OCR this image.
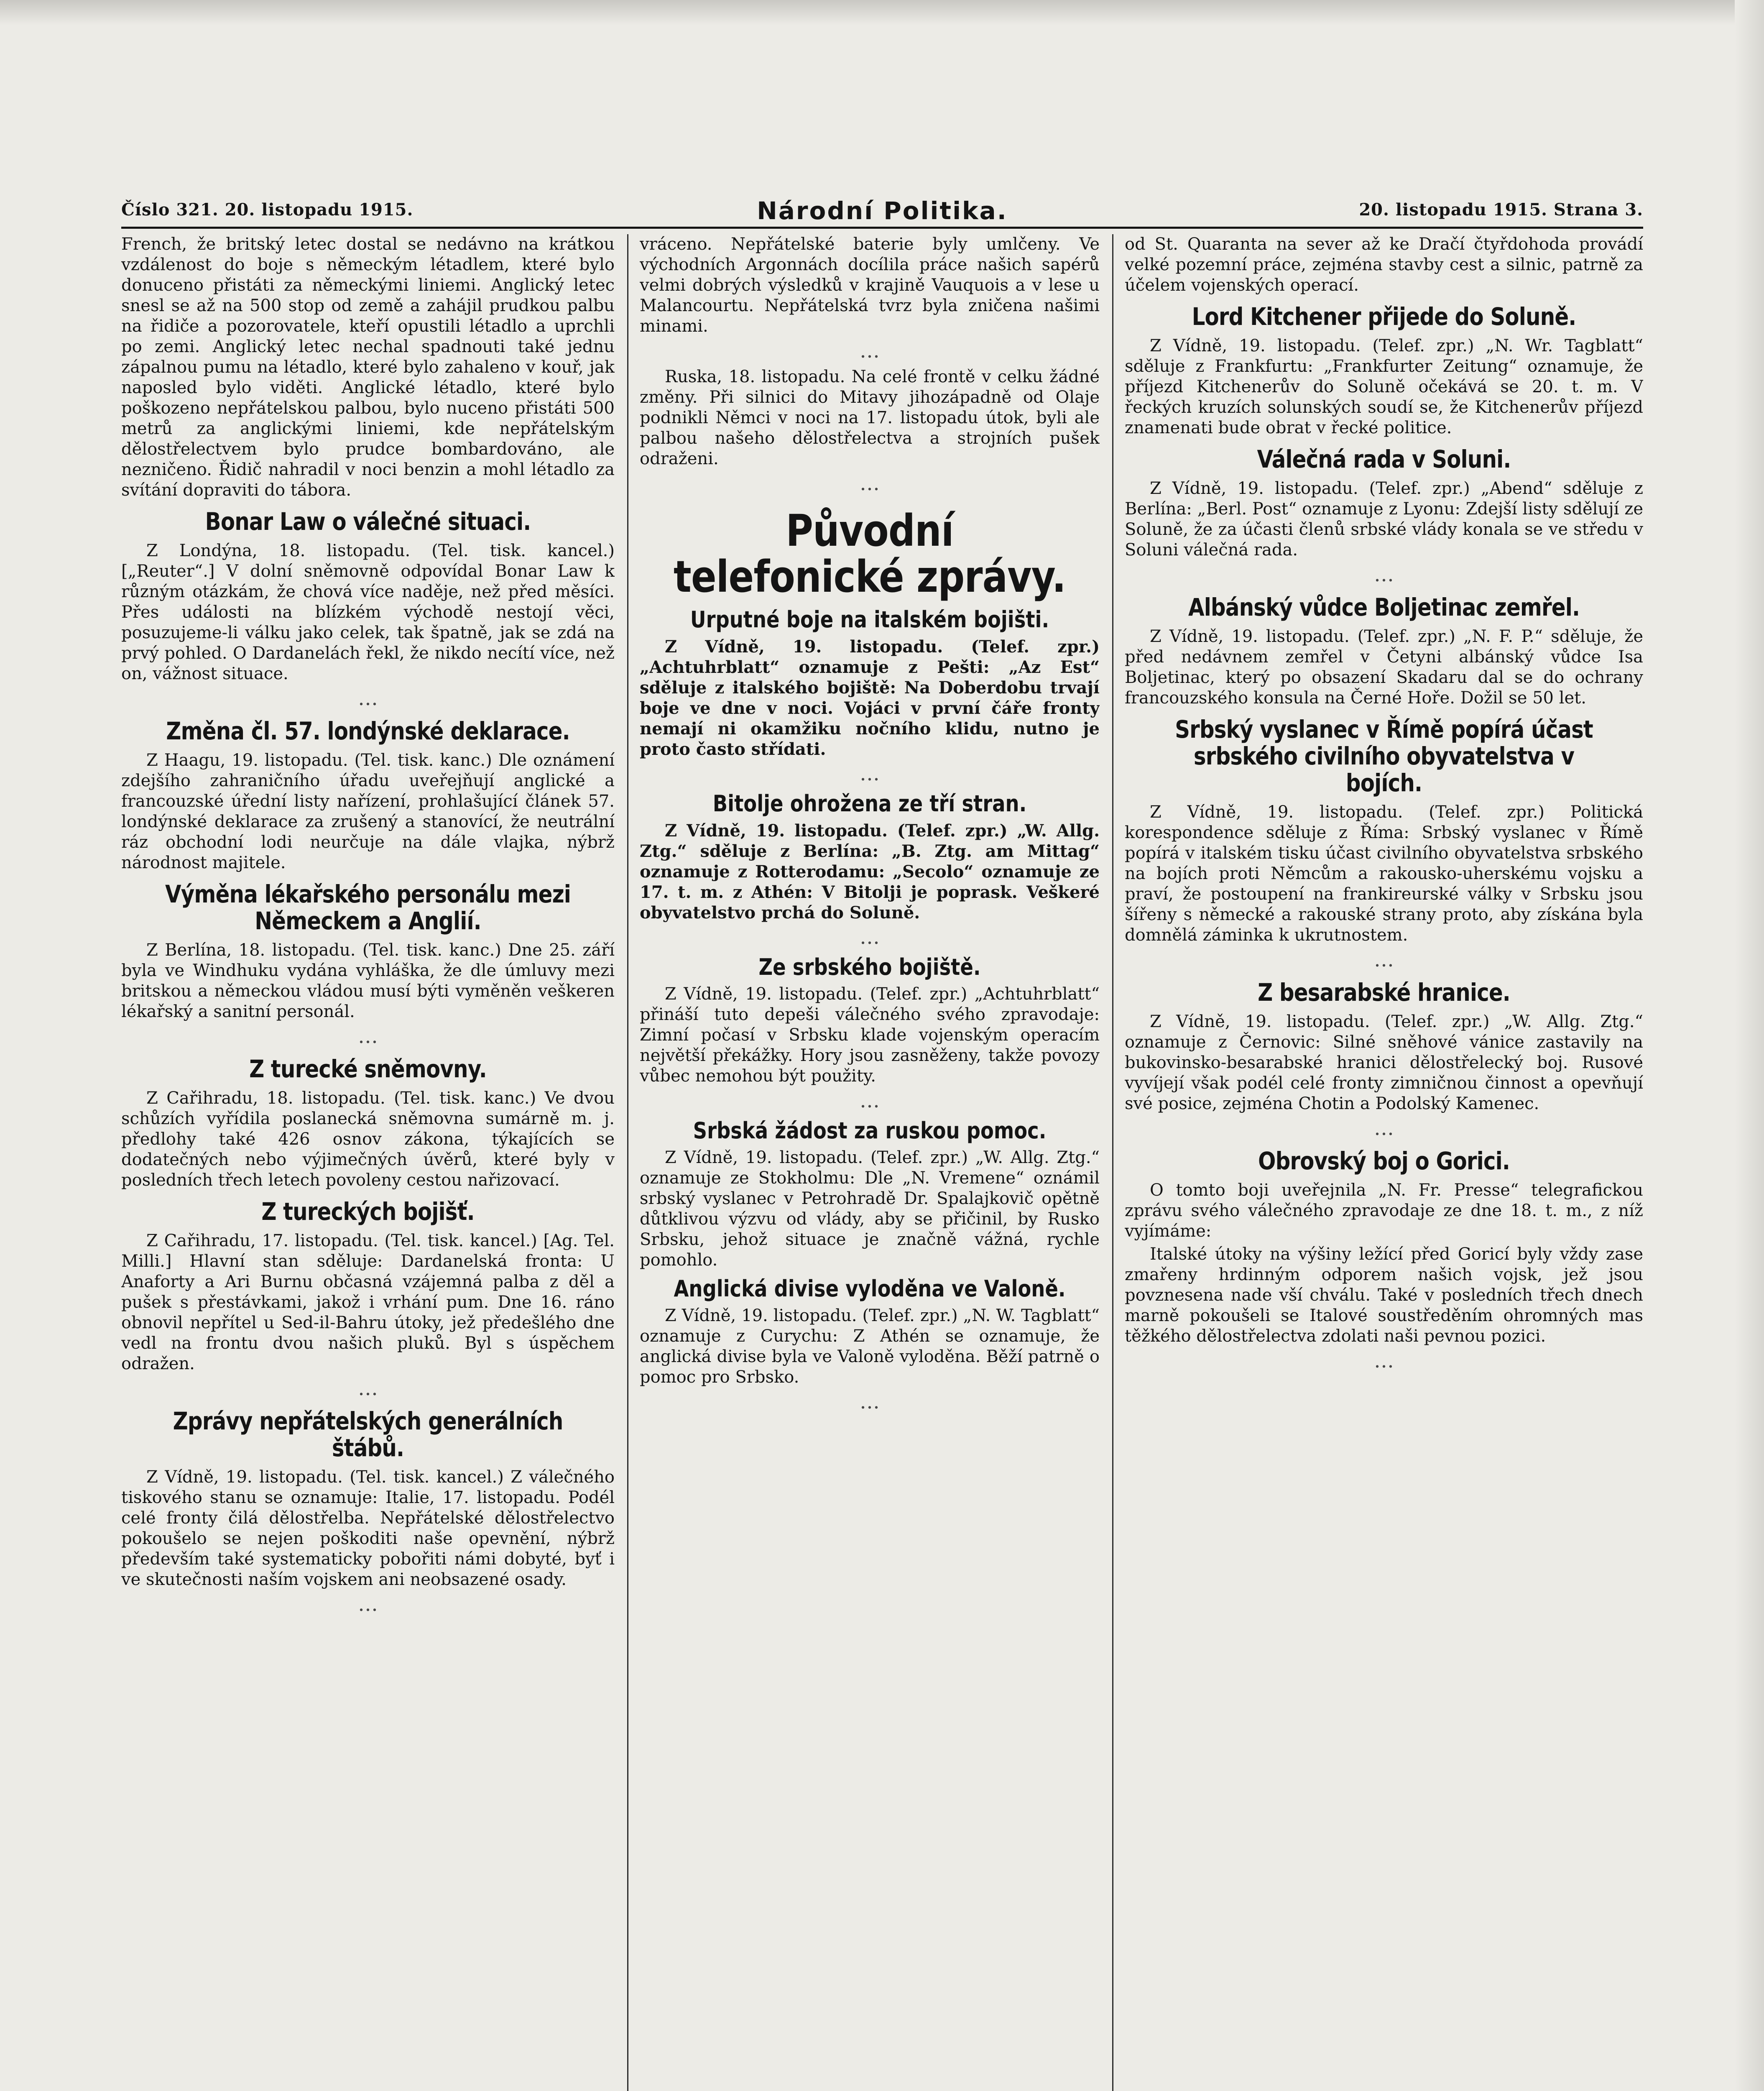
Číslo 321. 20. listopadu 1915.	Národní Politika.	20. listopadu 1915. Strana 3.

French, že britský letec dostal se nedávno na krátkou vzdálenost do boje s německým létadlem, které bylo donuceno přistáti za německými liniemi. Anglický letec snesl se až na 500 stop od země a zahájil prudkou palbu na řidiče a pozorovatele, kteří opustili létadlo a uprchli po zemi. Anglický letec nechal spadnouti také jednu zápalnou pumu na létadlo, které bylo zahaleno v kouř, jak naposled bylo viděti. Anglické létadlo, které bylo poškozeno nepřátelskou palbou, bylo nuceno přistáti 500 metrů za anglickými liniemi, kde nepřátelským dělostřelectvem bylo prudce bombardováno, ale nezničeno. Řidič nahradil v noci benzin a mohl létadlo za svítání dopraviti do tábora.

Bonar Law o válečné situaci.

Z Londýna, 18. listopadu. (Tel. tisk. kancel.) [„Reuter“.] V dolní sněmovně odpovídal Bonar Law k různým otázkám, že chová více naděje, než před měsíci. Přes události na blízkém východě nestojí věci, posuzujeme-li válku jako celek, tak špatně, jak se zdá na prvý pohled. O Dardanelách řekl, že nikdo necítí více, než on, vážnost situace.

…
Změna čl. 57. londýnské deklarace.

Z Haagu, 19. listopadu. (Tel. tisk. kanc.) Dle oznámení zdejšího zahraničního úřadu uveřejňují anglické a francouzské úřední listy nařízení, prohlašující článek 57. londýnské deklarace za zrušený a stanovící, že neutrální ráz obchodní lodi neurčuje na dále vlajka, nýbrž národnost majitele.

Výměna lékařského personálu mezi Německem a Anglií.

Z Berlína, 18. listopadu. (Tel. tisk. kanc.) Dne 25. září byla ve Windhuku vydána vyhláška, že dle úmluvy mezi britskou a německou vládou musí býti vyměněn veškeren lékařský a sanitní personál.

…
Z turecké sněmovny.

Z Cařihradu, 18. listopadu. (Tel. tisk. kanc.) Ve dvou schůzích vyřídila poslanecká sněmovna sumárně m. j. předlohy také 426 osnov zákona, týkajících se dodatečných nebo výjimečných úvěrů, které byly v posledních třech letech povoleny cestou nařizovací.

Z tureckých bojišť.

Z Cařihradu, 17. listopadu. (Tel. tisk. kancel.) [Ag. Tel. Milli.] Hlavní stan sděluje: Dardanelská fronta: U Anaforty a Ari Burnu občasná vzájemná palba z děl a pušek s přestávkami, jakož i vrhání pum. Dne 16. ráno obnovil nepřítel u Sed-il-Bahru útoky, jež předešlého dne vedl na frontu dvou našich pluků. Byl s úspěchem odražen.

…
Zprávy nepřátelských generálních štábů.

Z Vídně, 19. listopadu. (Tel. tisk. kancel.) Z válečného tiskového stanu se oznamuje: Italie, 17. listopadu. Podél celé fronty čilá dělostřelba. Nepřátelské dělostřelectvo pokoušelo se nejen poškoditi naše opevnění, nýbrž především také systematicky pobořiti námi dobyté, byť i ve skutečnosti naším vojskem ani neobsazené osady.

…

vráceno. Nepřátelské baterie byly umlčeny. Ve východních Argonnách docílila práce našich sapérů velmi dobrých výsledků v krajině Vauquois a v lese u Malancourtu. Nepřátelská tvrz byla zničena našimi minami.

…

Ruska, 18. listopadu. Na celé frontě v celku žádné změny. Při silnici do Mitavy jihozápadně od Olaje podnikli Němci v noci na 17. listopadu útok, byli ale palbou našeho dělostřelectva a strojních pušek odraženi.

…
Původní telefonické zprávy.
Urputné boje na italském bojišti.

Z Vídně, 19. listopadu. (Telef. zpr.) „Achtuhrblatt“ oznamuje z Pešti: „Az Est“ sděluje z italského bojiště: Na Doberdobu trvají boje ve dne v noci. Vojáci v první čáře fronty nemají ni okamžiku nočního klidu, nutno je proto často střídati.

…
Bitolje ohrožena ze tří stran.

Z Vídně, 19. listopadu. (Telef. zpr.) „W. Allg. Ztg.“ sděluje z Berlína: „B. Ztg. am Mittag“ oznamuje z Rotterodamu: „Secolo“ oznamuje ze 17. t. m. z Athén: V Bitolji je poprask. Veškeré obyvatelstvo prchá do Soluně.

…
Ze srbského bojiště.

Z Vídně, 19. listopadu. (Telef. zpr.) „Achtuhrblatt“ přináší tuto depeši válečného svého zpravodaje: Zimní počasí v Srbsku klade vojenským operacím největší překážky. Hory jsou zasněženy, takže povozy vůbec nemohou být použity.

…
Srbská žádost za ruskou pomoc.

Z Vídně, 19. listopadu. (Telef. zpr.) „W. Allg. Ztg.“ oznamuje ze Stokholmu: Dle „N. Vremene“ oznámil srbský vyslanec v Petrohradě Dr. Spalajkovič opětně důtklivou výzvu od vlády, aby se přičinil, by Rusko Srbsku, jehož situace je značně vážná, rychle pomohlo.

Anglická divise vyloděna ve Valoně.

Z Vídně, 19. listopadu. (Telef. zpr.) „N. W. Tagblatt“ oznamuje z Curychu: Z Athén se oznamuje, že anglická divise byla ve Valoně vyloděna. Běží patrně o pomoc pro Srbsko.

…

od St. Quaranta na sever až ke Dračí čtyřdohoda provádí velké pozemní práce, zejména stavby cest a silnic, patrně za účelem vojenských operací.

Lord Kitchener přijede do Soluně.

Z Vídně, 19. listopadu. (Telef. zpr.) „N. Wr. Tagblatt“ sděluje z Frankfurtu: „Frankfurter Zeitung“ oznamuje, že příjezd Kitchenerův do Soluně očekává se 20. t. m. V řeckých kruzích solunských soudí se, že Kitchenerův příjezd znamenati bude obrat v řecké politice.

Válečná rada v Soluni.

Z Vídně, 19. listopadu. (Telef. zpr.) „Abend“ sděluje z Berlína: „Berl. Post“ oznamuje z Lyonu: Zdejší listy sdělují ze Soluně, že za účasti členů srbské vlády konala se ve středu v Soluni válečná rada.

…
Albánský vůdce Boljetinac zemřel.

Z Vídně, 19. listopadu. (Telef. zpr.) „N. F. P.“ sděluje, že před nedávnem zemřel v Četyni albánský vůdce Isa Boljetinac, který po obsazení Skadaru dal se do ochrany francouzského konsula na Černé Hoře. Dožil se 50 let.

Srbský vyslanec v Římě popírá účast srbského civilního obyvatelstva v bojích.

Z Vídně, 19. listopadu. (Telef. zpr.) Politická korespondence sděluje z Říma: Srbský vyslanec v Římě popírá v italském tisku účast civilního obyvatelstva srbského na bojích proti Němcům a rakousko-uherskému vojsku a praví, že postoupení na frankireurské války v Srbsku jsou šířeny s německé a rakouské strany proto, aby získána byla domnělá záminka k ukrutnostem.

…
Z besarabské hranice.

Z Vídně, 19. listopadu. (Telef. zpr.) „W. Allg. Ztg.“ oznamuje z Černovic: Silné sněhové vánice zastavily na bukovinsko-besarabské hranici dělostřelecký boj. Rusové vyvíjejí však podél celé fronty zimničnou činnost a opevňují své posice, zejména Chotin a Podolský Kamenec.

…
Obrovský boj o Gorici.

O tomto boji uveřejnila „N. Fr. Presse“ telegrafickou zprávu svého válečného zpravodaje ze dne 18. t. m., z níž vyjímáme:

Italské útoky na výšiny ležící před Goricí byly vždy zase zmařeny hrdinným odporem našich vojsk, jež jsou povznesena nade vší chválu. Také v posledních třech dnech marně pokoušeli se Italové soustředěním ohromných mas těžkého dělostřelectva zdolati naši pevnou pozici.

…
